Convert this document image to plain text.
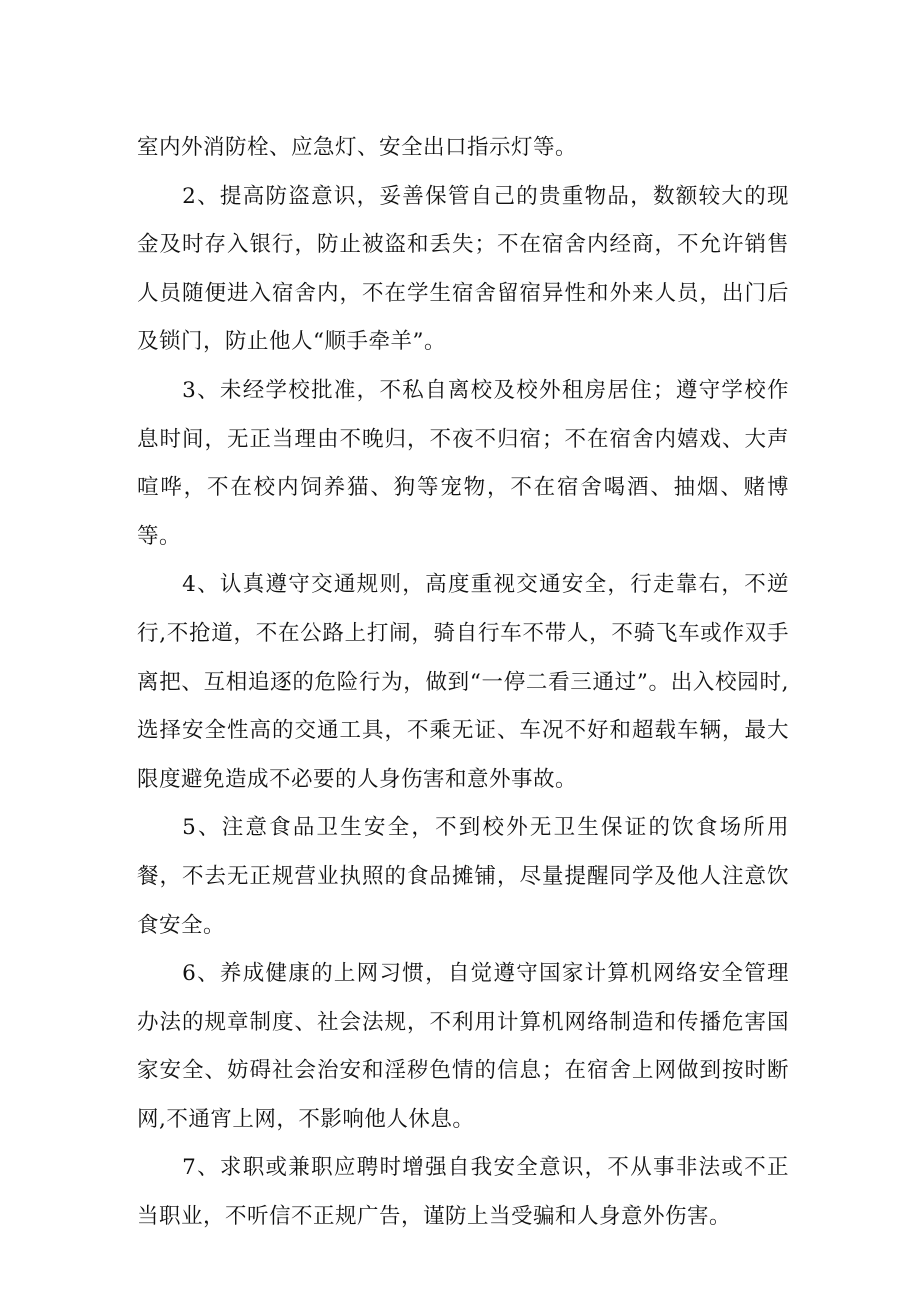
室内外消防栓、应急灯、安全出口指示灯等。

2、提高防盗意识，妥善保管自己的贵重物品，数额较大的现金及时存入银行，防止被盗和丢失；不在宿舍内经商，不允许销售人员随便进入宿舍内，不在学生宿舍留宿异性和外来人员，出门后及锁门，防止他人“顺手牵羊”。

3、未经学校批准，不私自离校及校外租房居住；遵守学校作息时间，无正当理由不晚归，不夜不归宿；不在宿舍内嬉戏、大声喧哗，不在校内饲养猫、狗等宠物，不在宿舍喝酒、抽烟、赌博等。

4、认真遵守交通规则，高度重视交通安全，行走靠右，不逆行,不抢道，不在公路上打闹，骑自行车不带人，不骑飞车或作双手离把、互相追逐的危险行为，做到“一停二看三通过”。出入校园时,选择安全性高的交通工具，不乘无证、车况不好和超载车辆，最大限度避免造成不必要的人身伤害和意外事故。

5、注意食品卫生安全，不到校外无卫生保证的饮食场所用餐，不去无正规营业执照的食品摊铺，尽量提醒同学及他人注意饮食安全。

6、养成健康的上网习惯，自觉遵守国家计算机网络安全管理办法的规章制度、社会法规，不利用计算机网络制造和传播危害国家安全、妨碍社会治安和淫秽色情的信息；在宿舍上网做到按时断网,不通宵上网，不影响他人休息。

7、求职或兼职应聘时增强自我安全意识，不从事非法或不正当职业，不听信不正规广告，谨防上当受骗和人身意外伤害。
